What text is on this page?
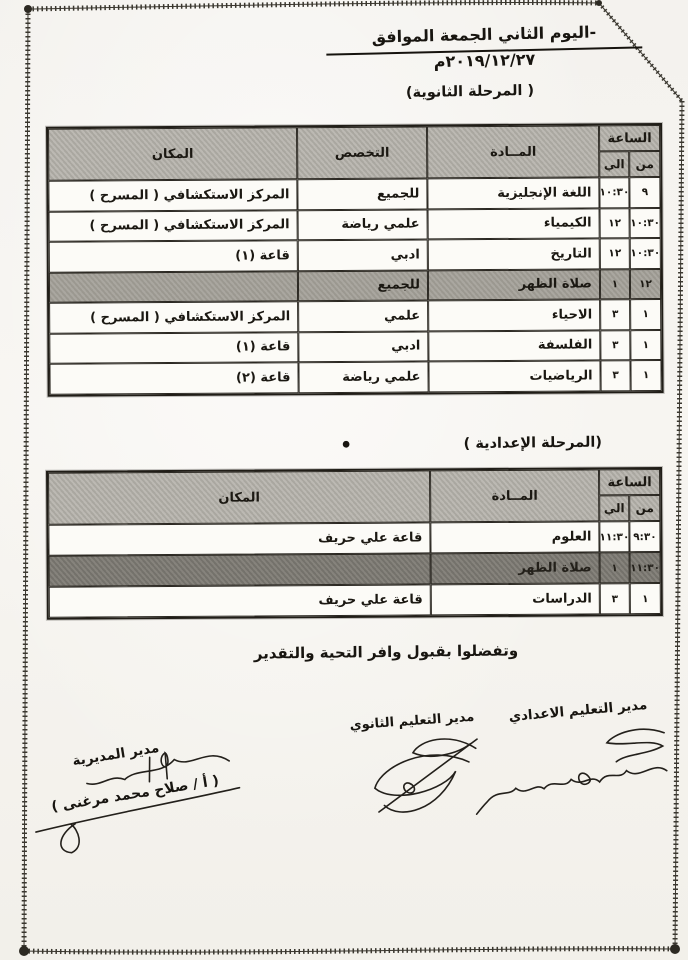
-اليوم الثاني الجمعة الموافق ٢٠١٩/١٢/٢٧م
( المرحلة الثانوية)
الساعة
من
الي
المــادة
التخصص
المكان
٩
١٠:٣٠
اللغة الإنجليزية
للجميع
المركز الاستكشافي ( المسرح )
١٠:٣٠
١٢
الكيمياء
علمي رياضة
المركز الاستكشافي ( المسرح )
١٠:٣٠
١٢
التاريخ
ادبي
قاعة (١)
١٢
١
صلاة الظهر
للجميع
١
٣
الاحياء
علمي
المركز الاستكشافي ( المسرح )
١
٣
الفلسفة
ادبي
قاعة (١)
١
٣
الرياضيات
علمي رياضة
قاعة (٢)
•	(المرحلة الإعدادية )
الساعة
من
الي
المــادة
المكان
٩:٣٠
١١:٣٠
العلوم
قاعة علي حريف
١١:٣٠
١
صلاة الظهر
١
٣
الدراسات
قاعة علي حريف
وتفضلوا بقبول وافر التحية والتقدير
مدير التعليم الاعدادي
مدير التعليم الثانوي
مدير المديرية
( أ / صلاح محمد مرغنى )
